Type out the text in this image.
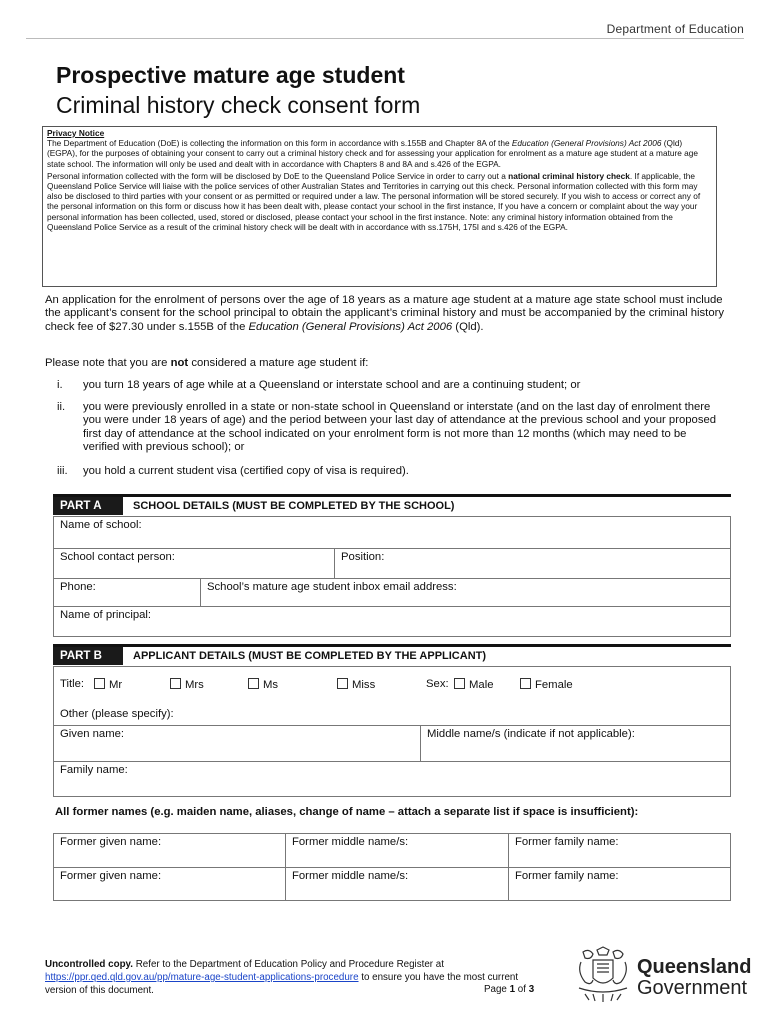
Department of Education
Prospective mature age student
Criminal history check consent form
Privacy Notice

The Department of Education (DoE) is collecting the information on this form in accordance with s.155B and Chapter 8A of the Education (General Provisions) Act 2006 (Qld) (EGPA), for the purposes of obtaining your consent to carry out a criminal history check and for assessing your application for enrolment as a mature age student at a mature age state school. The information will only be used and dealt with in accordance with Chapters 8 and 8A and s.426 of the EGPA.

Personal information collected with the form will be disclosed by DoE to the Queensland Police Service in order to carry out a national criminal history check. If applicable, the Queensland Police Service will liaise with the police services of other Australian States and Territories in carrying out this check. Personal information collected with this form may also be disclosed to third parties with your consent or as permitted or required under a law. The personal information will be stored securely. If you wish to access or correct any of the personal information on this form or discuss how it has been dealt with, please contact your school in the first instance, If you have a concern or complaint about the way your personal information has been collected, used, stored or disclosed, please contact your school in the first instance. Note: any criminal history information obtained from the Queensland Police Service as a result of the criminal history check will be dealt with in accordance with ss.175H, 175I and s.426 of the EGPA.

An application for the enrolment of persons over the age of 18 years as a mature age student at a mature age state school must include the applicant’s consent for the school principal to obtain the applicant’s criminal history and must be accompanied by the criminal history check fee of $27.30 under s.155B of the Education (General Provisions) Act 2006 (Qld).
Please note that you are not considered a mature age student if:
i.	you turn 18 years of age while at a Queensland or interstate school and are a continuing student; or
ii.	you were previously enrolled in a state or non-state school in Queensland or interstate (and on the last day of enrolment there you were under 18 years of age) and the period between your last day of attendance at the previous school and your proposed first day of attendance at the school indicated on your enrolment form is not more than 12 months (which may need to be verified with previous school); or
iii.	you hold a current student visa (certified copy of visa is required).
PART A	SCHOOL DETAILS (MUST BE COMPLETED BY THE SCHOOL)
Name of school:
School contact person:	Position:
Phone:	School’s mature age student inbox email address:
Name of principal:
PART B	APPLICANT DETAILS (MUST BE COMPLETED BY THE APPLICANT)
Title:	Mr	Mrs	Ms	Miss
Other (please specify):
Sex:	Male	Female
Given name:	Middle name/s (indicate if not applicable):
Family name:
All former names (e.g. maiden name, aliases, change of name – attach a separate list if space is insufficient):
Former given name:	Former middle name/s:	Former family name:
Former given name:	Former middle name/s:	Former family name:
Uncontrolled copy. Refer to the Department of Education Policy and Procedure Register at https://ppr.qed.qld.gov.au/pp/mature-age-student-applications-procedure to ensure you have the most current version of this document.	Page 1 of 3
Queensland
Government
